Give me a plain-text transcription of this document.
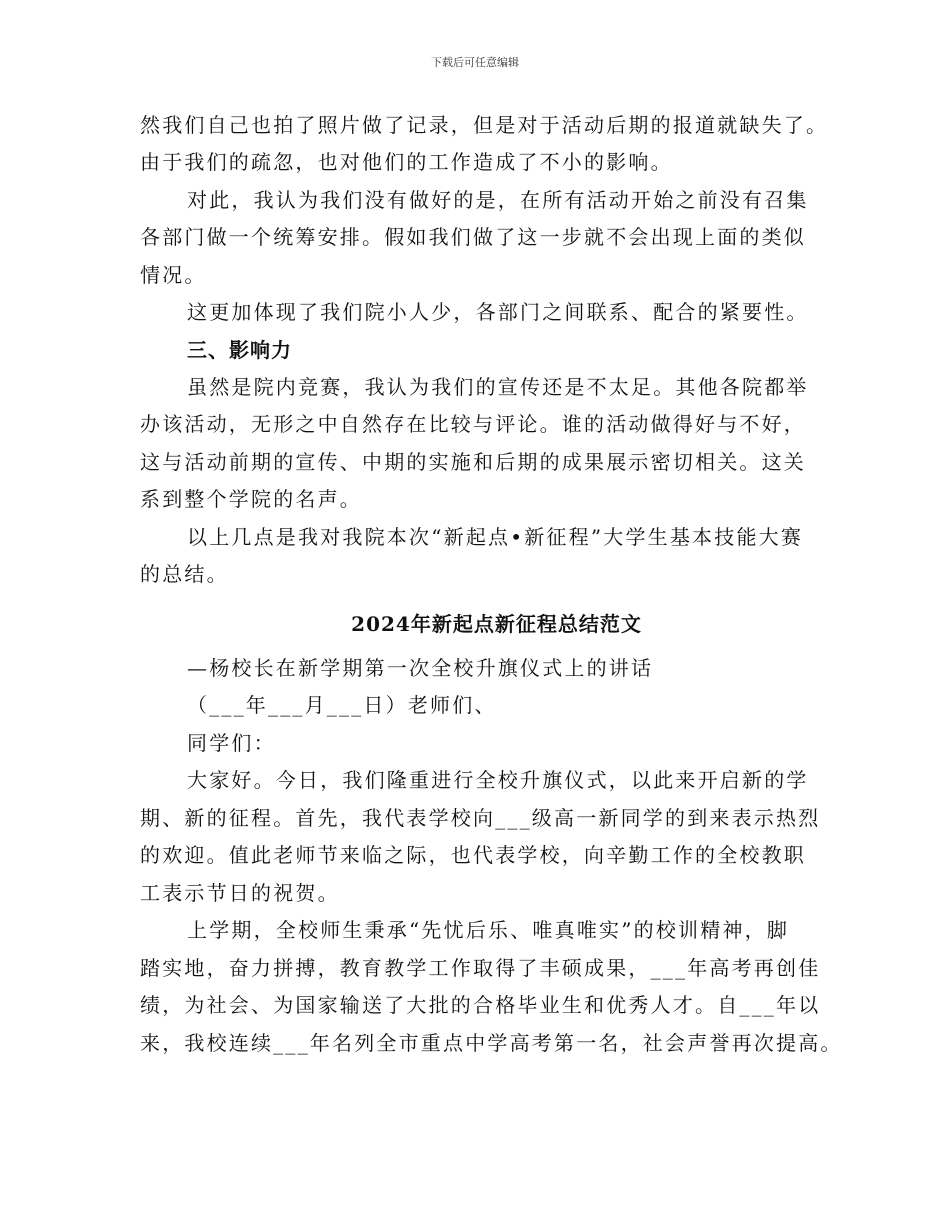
下载后可任意编辑
然我们自己也拍了照片做了记录，但是对于活动后期的报道就缺失了。
由于我们的疏忽，也对他们的工作造成了不小的影响。
对此，我认为我们没有做好的是，在所有活动开始之前没有召集
各部门做一个统筹安排。假如我们做了这一步就不会出现上面的类似
情况。
这更加体现了我们院小人少，各部门之间联系、配合的紧要性。
三、影响力
虽然是院内竞赛，我认为我们的宣传还是不太足。其他各院都举
办该活动，无形之中自然存在比较与评论。谁的活动做得好与不好，
这与活动前期的宣传、中期的实施和后期的成果展示密切相关。这关
系到整个学院的名声。
以上几点是我对我院本次“新起点•新征程”大学生基本技能大赛
的总结。
2024年新起点新征程总结范文
—杨校长在新学期第一次全校升旗仪式上的讲话
（___年___月___日）老师们、
同学们：
大家好。今日，我们隆重进行全校升旗仪式，以此来开启新的学
期、新的征程。首先，我代表学校向___级高一新同学的到来表示热烈
的欢迎。值此老师节来临之际，也代表学校，向辛勤工作的全校教职
工表示节日的祝贺。
上学期，全校师生秉承“先忧后乐、唯真唯实”的校训精神，脚
踏实地，奋力拼搏，教育教学工作取得了丰硕成果，___年高考再创佳
绩，为社会、为国家输送了大批的合格毕业生和优秀人才。自___年以
来，我校连续___年名列全市重点中学高考第一名，社会声誉再次提高。
